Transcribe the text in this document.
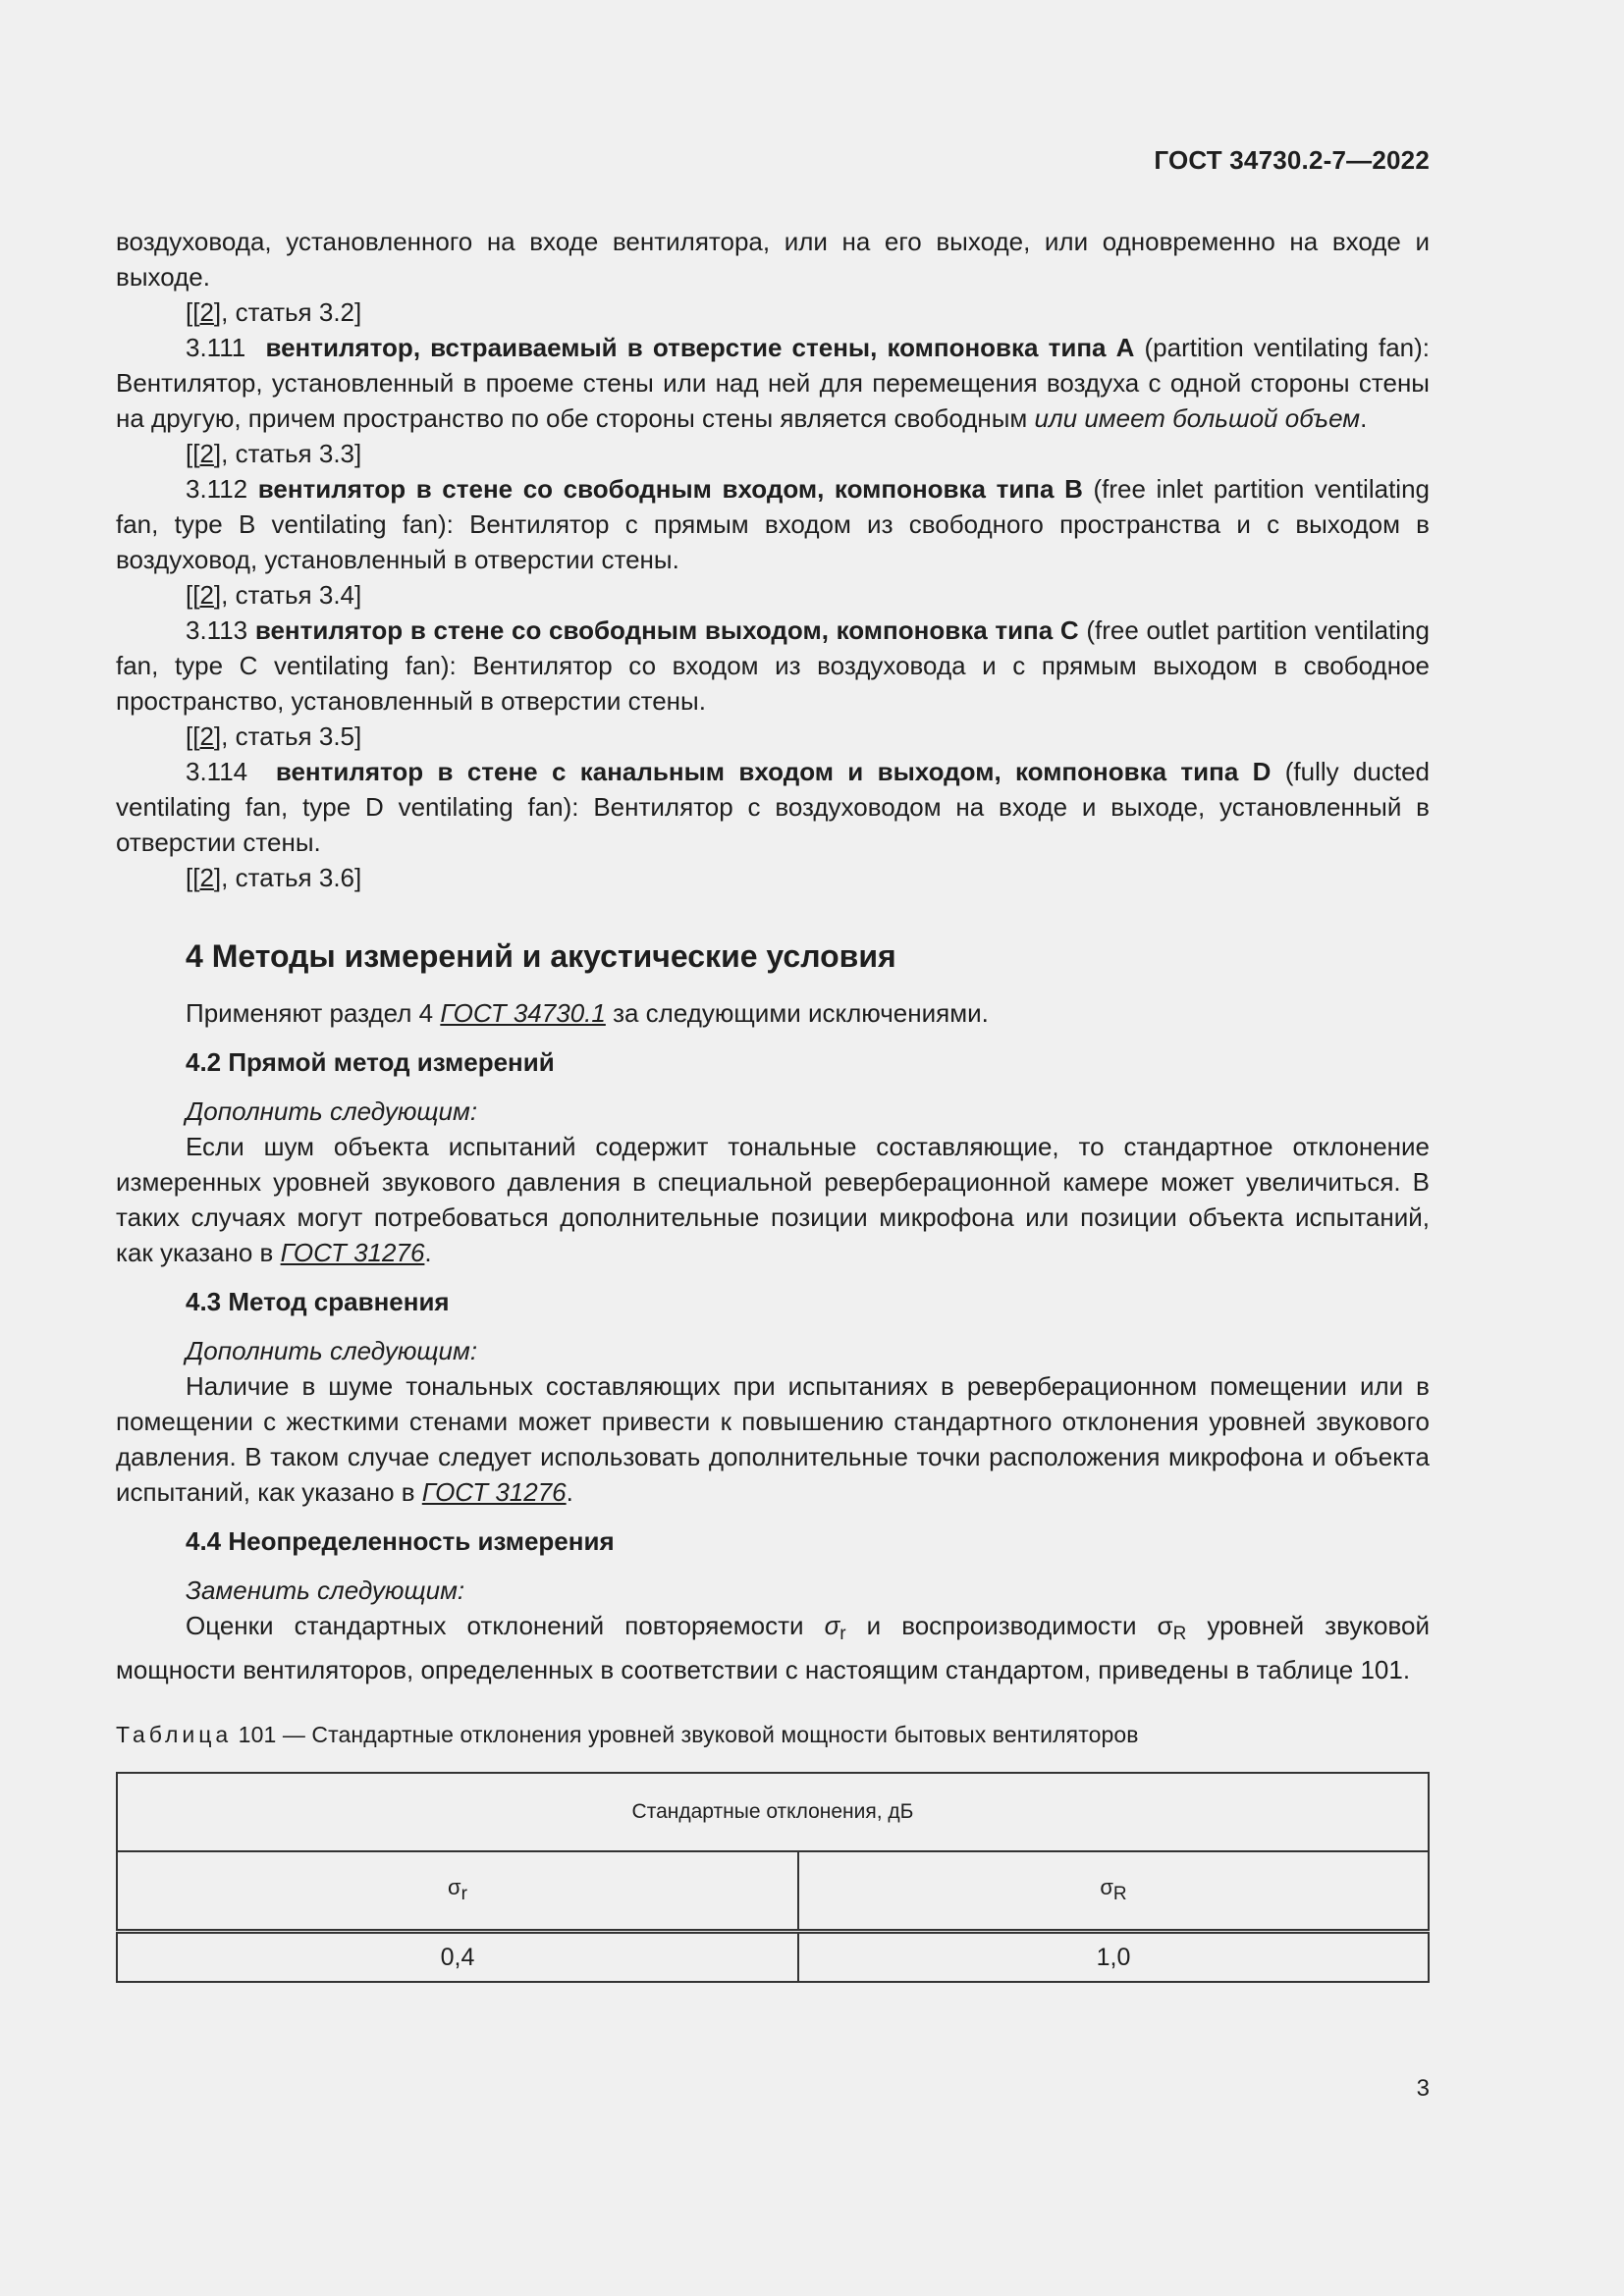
ГОСТ 34730.2-7—2022

воздуховода, установленного на входе вентилятора, или на его выходе, или одновременно на входе и выходе.

[[2], статья 3.2]

3.111 вентилятор, встраиваемый в отверстие стены, компоновка типа А (partition ventilating fan): Вентилятор, установленный в проеме стены или над ней для перемещения воздуха с одной стороны стены на другую, причем пространство по обе стороны стены является свободным или имеет большой объем.

[[2], статья 3.3]

3.112 вентилятор в стене со свободным входом, компоновка типа В (free inlet partition ventilating fan, type B ventilating fan): Вентилятор с прямым входом из свободного пространства и с выходом в воздуховод, установленный в отверстии стены.

[[2], статья 3.4]

3.113 вентилятор в стене со свободным выходом, компоновка типа С (free outlet partition ventilating fan, type C ventilating fan): Вентилятор со входом из воздуховода и с прямым выходом в свободное пространство, установленный в отверстии стены.

[[2], статья 3.5]

3.114 вентилятор в стене с канальным входом и выходом, компоновка типа D (fully ducted ventilating fan, type D ventilating fan): Вентилятор с воздуховодом на входе и выходе, установленный в отверстии стены.

[[2], статья 3.6]

4 Методы измерений и акустические условия

Применяют раздел 4 ГОСТ 34730.1 за следующими исключениями.

4.2 Прямой метод измерений

Дополнить следующим:

Если шум объекта испытаний содержит тональные составляющие, то стандартное отклонение измеренных уровней звукового давления в специальной реверберационной камере может увеличиться. В таких случаях могут потребоваться дополнительные позиции микрофона или позиции объекта испытаний, как указано в ГОСТ 31276.

4.3 Метод сравнения

Дополнить следующим:

Наличие в шуме тональных составляющих при испытаниях в реверберационном помещении или в помещении с жесткими стенами может привести к повышению стандартного отклонения уровней звукового давления. В таком случае следует использовать дополнительные точки расположения микрофона и объекта испытаний, как указано в ГОСТ 31276.

4.4 Неопределенность измерения

Заменить следующим:

Оценки стандартных отклонений повторяемости $\sigma_r$ и воспроизводимости $\sigma_R$ уровней звуковой мощности вентиляторов, определенных в соответствии с настоящим стандартом, приведены в таблице 101.

Таблица 101 — Стандартные отклонения уровней звуковой мощности бытовых вентиляторов
Стандартные отклонения, дБ	
σr	σR
0,4	1,0
3
